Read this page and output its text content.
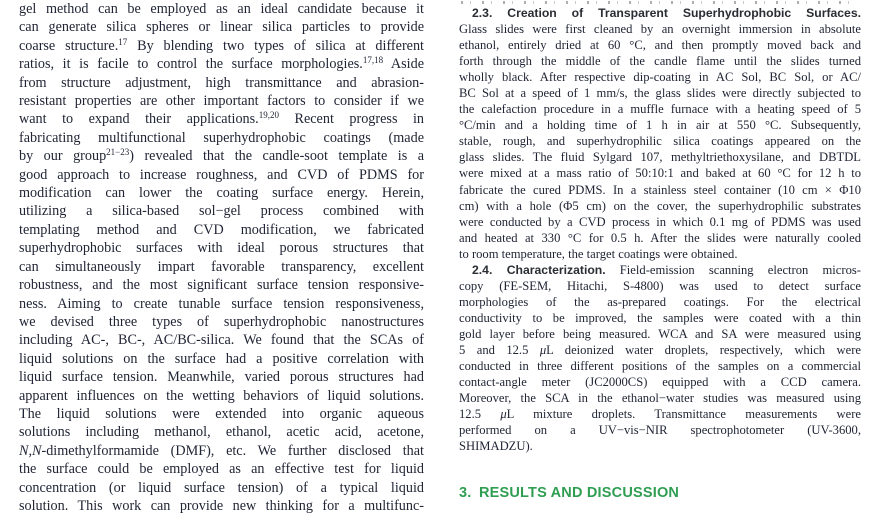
gel method can be employed as an ideal candidate because it
can generate silica spheres or linear silica particles to provide
coarse structure.$^{17}$ By blending two types of silica at different
ratios, it is facile to control the surface morphologies.$^{17,18}$ Aside
from structure adjustment, high transmittance and abrasion-
resistant properties are other important factors to consider if we
want to expand their applications.$^{19,20}$ Recent progress in
fabricating multifunctional superhydrophobic coatings (made
by our group$^{21-23}$) revealed that the candle-soot template is a
good approach to increase roughness, and CVD of PDMS for
modification can lower the coating surface energy. Herein,
utilizing a silica-based sol−gel process combined with
templating method and CVD modification, we fabricated
superhydrophobic surfaces with ideal porous structures that
can simultaneously impart favorable transparency, excellent
robustness, and the most significant surface tension responsive-
ness. Aiming to create tunable surface tension responsiveness,
we devised three types of superhydrophobic nanostructures
including AC-, BC-, AC/BC-silica. We found that the SCAs of
liquid solutions on the surface had a positive correlation with
liquid surface tension. Meanwhile, varied porous structures had
apparent influences on the wetting behaviors of liquid solutions.
The liquid solutions were extended into organic aqueous
solutions including methanol, ethanol, acetic acid, acetone,
N,N-dimethylformamide (DMF), etc. We further disclosed that
the surface could be employed as an effective test for liquid
concentration (or liquid surface tension) of a typical liquid
solution. This work can provide new thinking for a multifunc-
2.3. Creation of Transparent Superhydrophobic Surfaces.
Glass slides were first cleaned by an overnight immersion in absolute
ethanol, entirely dried at 60 °C, and then promptly moved back and
forth through the middle of the candle flame until the slides turned
wholly black. After respective dip-coating in AC Sol, BC Sol, or AC/
BC Sol at a speed of 1 mm/s, the glass slides were directly subjected to
the calefaction procedure in a muffle furnace with a heating speed of 5
°C/min and a holding time of 1 h in air at 550 °C. Subsequently,
stable, rough, and superhydrophilic silica coatings appeared on the
glass slides. The fluid Sylgard 107, methyltriethoxysilane, and DBTDL
were mixed at a mass ratio of 50:10:1 and baked at 60 °C for 12 h to
fabricate the cured PDMS. In a stainless steel container (10 cm × Φ10
cm) with a hole (Φ5 cm) on the cover, the superhydrophilic substrates
were conducted by a CVD process in which 0.1 mg of PDMS was used
and heated at 330 °C for 0.5 h. After the slides were naturally cooled
to room temperature, the target coatings were obtained.
2.4. Characterization. Field-emission scanning electron micros-
copy (FE-SEM, Hitachi, S-4800) was used to detect surface
morphologies of the as-prepared coatings. For the electrical
conductivity to be improved, the samples were coated with a thin
gold layer before being measured. WCA and SA were measured using
5 and 12.5 μL deionized water droplets, respectively, which were
conducted in three different positions of the samples on a commercial
contact-angle meter (JC2000CS) equipped with a CCD camera.
Moreover, the SCA in the ethanol−water studies was measured using
12.5 μL mixture droplets. Transmittance measurements were
performed on a UV−vis−NIR spectrophotometer (UV-3600,
SHIMADZU).
3. RESULTS AND DISCUSSION
